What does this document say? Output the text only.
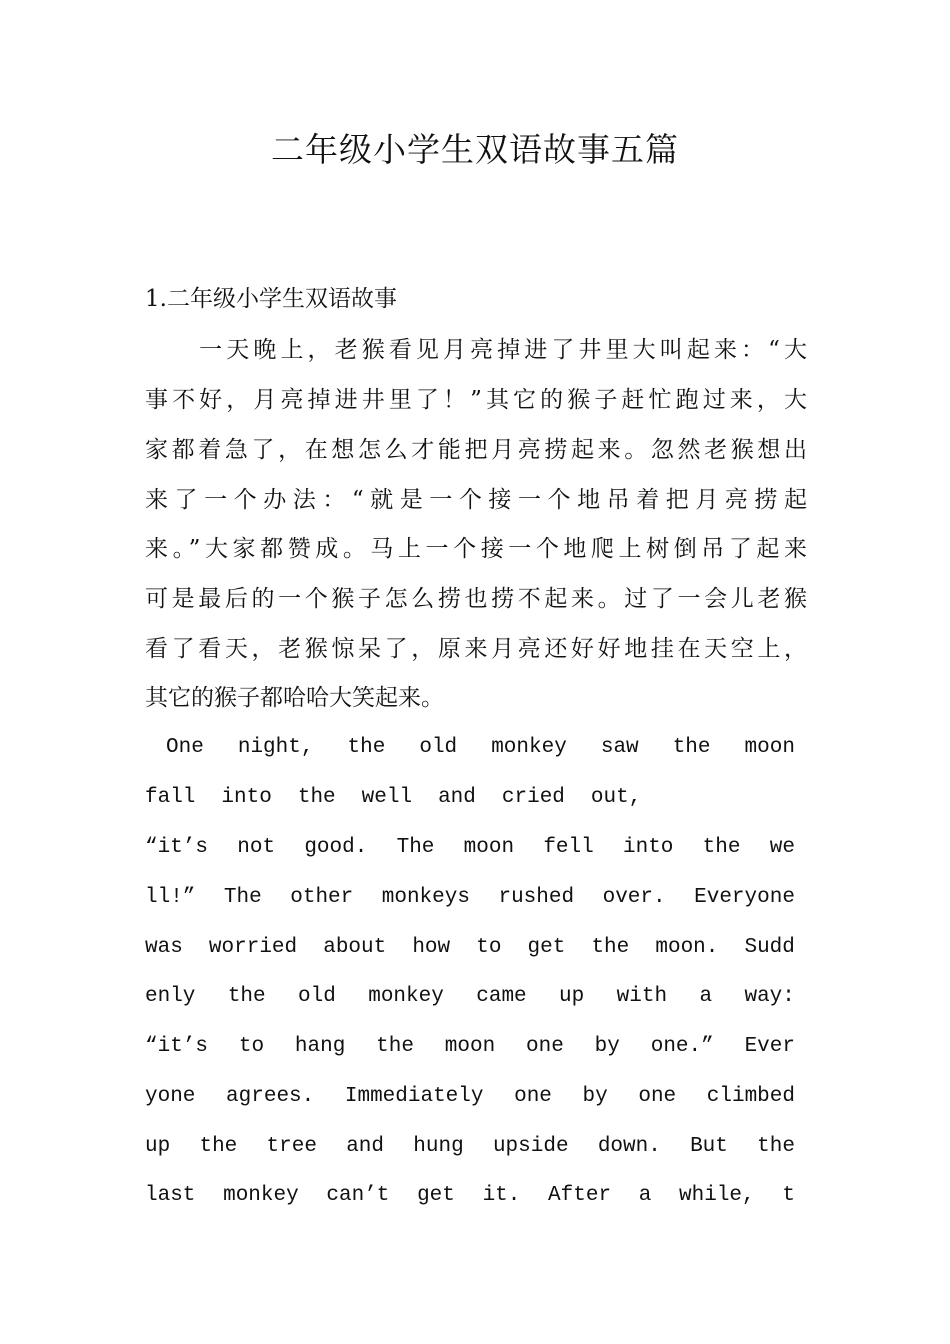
二年级小学生双语故事五篇
1.二年级小学生双语故事
　　一天晚上，老猴看见月亮掉进了井里大叫起来：“大
事不好，月亮掉进井里了！”其它的猴子赶忙跑过来，大
家都着急了，在想怎么才能把月亮捞起来。忽然老猴想出
来了一个办法：“就是一个接一个地吊着把月亮捞起
来。”大家都赞成。马上一个接一个地爬上树倒吊了起来
可是最后的一个猴子怎么捞也捞不起来。过了一会儿老猴
看了看天，老猴惊呆了，原来月亮还好好地挂在天空上，
其它的猴子都哈哈大笑起来。
　One night, the old monkey saw the moon
fall into the well and cried out,
“it’s not good. The moon fell into the we
ll!” The other monkeys rushed over. Everyone
was worried about how to get the moon. Sudd
enly the old monkey came up with a way:
“it’s to hang the moon one by one.” Ever
yone agrees. Immediately one by one climbed
up the tree and hung upside down. But the
last monkey can’t get it. After a while, t
